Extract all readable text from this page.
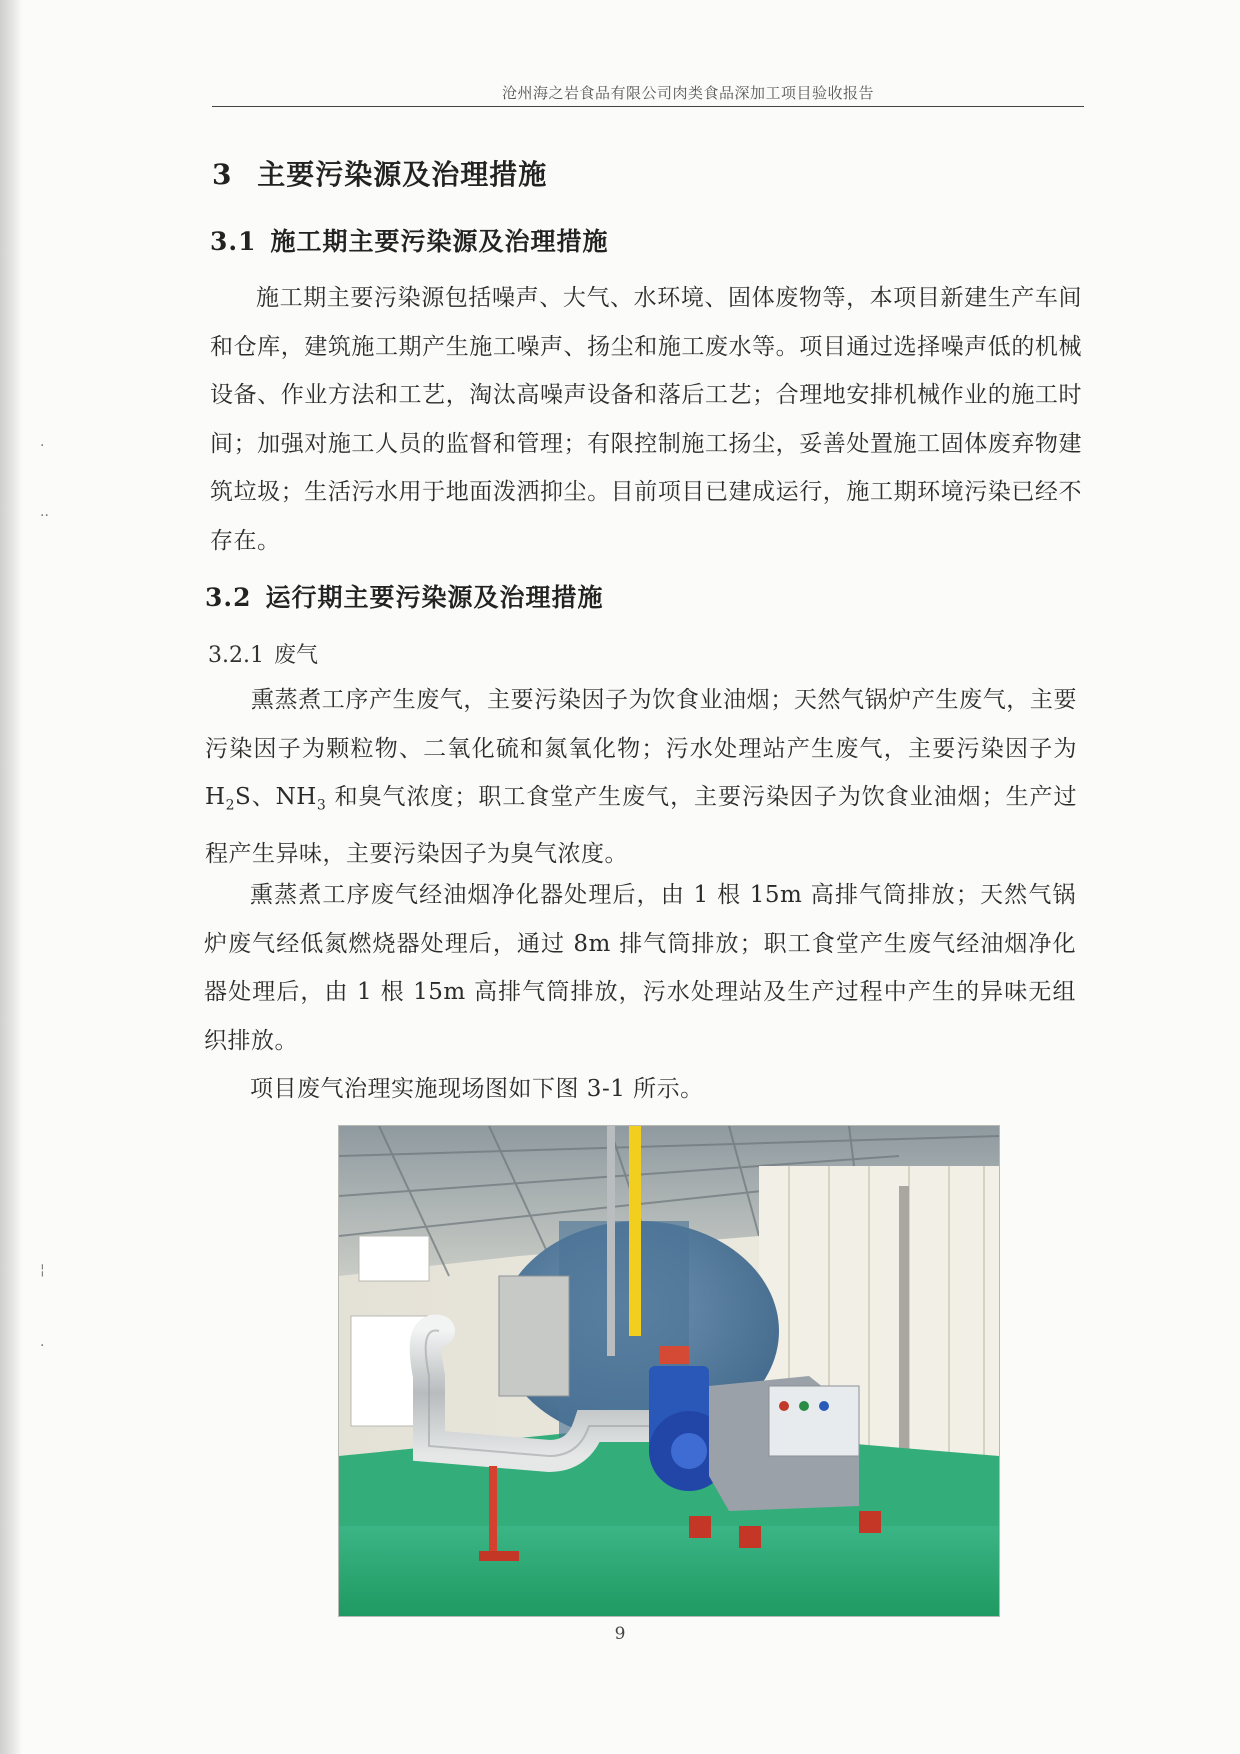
·
··
¦
·
沧州海之岩食品有限公司肉类食品深加工项目验收报告
3 主要污染源及治理措施
3.1 施工期主要污染源及治理措施
施工期主要污染源包括噪声、大气、水环境、固体废物等，本项目新建生产车间和仓库，建筑施工期产生施工噪声、扬尘和施工废水等。项目通过选择噪声低的机械设备、作业方法和工艺，淘汰高噪声设备和落后工艺；合理地安排机械作业的施工时间；加强对施工人员的监督和管理；有限控制施工扬尘，妥善处置施工固体废弃物建筑垃圾；生活污水用于地面泼洒抑尘。目前项目已建成运行，施工期环境污染已经不存在。
3.2 运行期主要污染源及治理措施
3.2.1 废气
熏蒸煮工序产生废气，主要污染因子为饮食业油烟；天然气锅炉产生废气，主要污染因子为颗粒物、二氧化硫和氮氧化物；污水处理站产生废气，主要污染因子为 $H_2S$、$NH_3$ 和臭气浓度；职工食堂产生废气，主要污染因子为饮食业油烟；生产过程产生异味，主要污染因子为臭气浓度。
熏蒸煮工序废气经油烟净化器处理后，由 1 根 15m 高排气筒排放；天然气锅炉废气经低氮燃烧器处理后，通过 8m 排气筒排放；职工食堂产生废气经油烟净化器处理后，由 1 根 15m 高排气筒排放，污水处理站及生产过程中产生的异味无组织排放。
项目废气治理实施现场图如下图 3-1 所示。
9
